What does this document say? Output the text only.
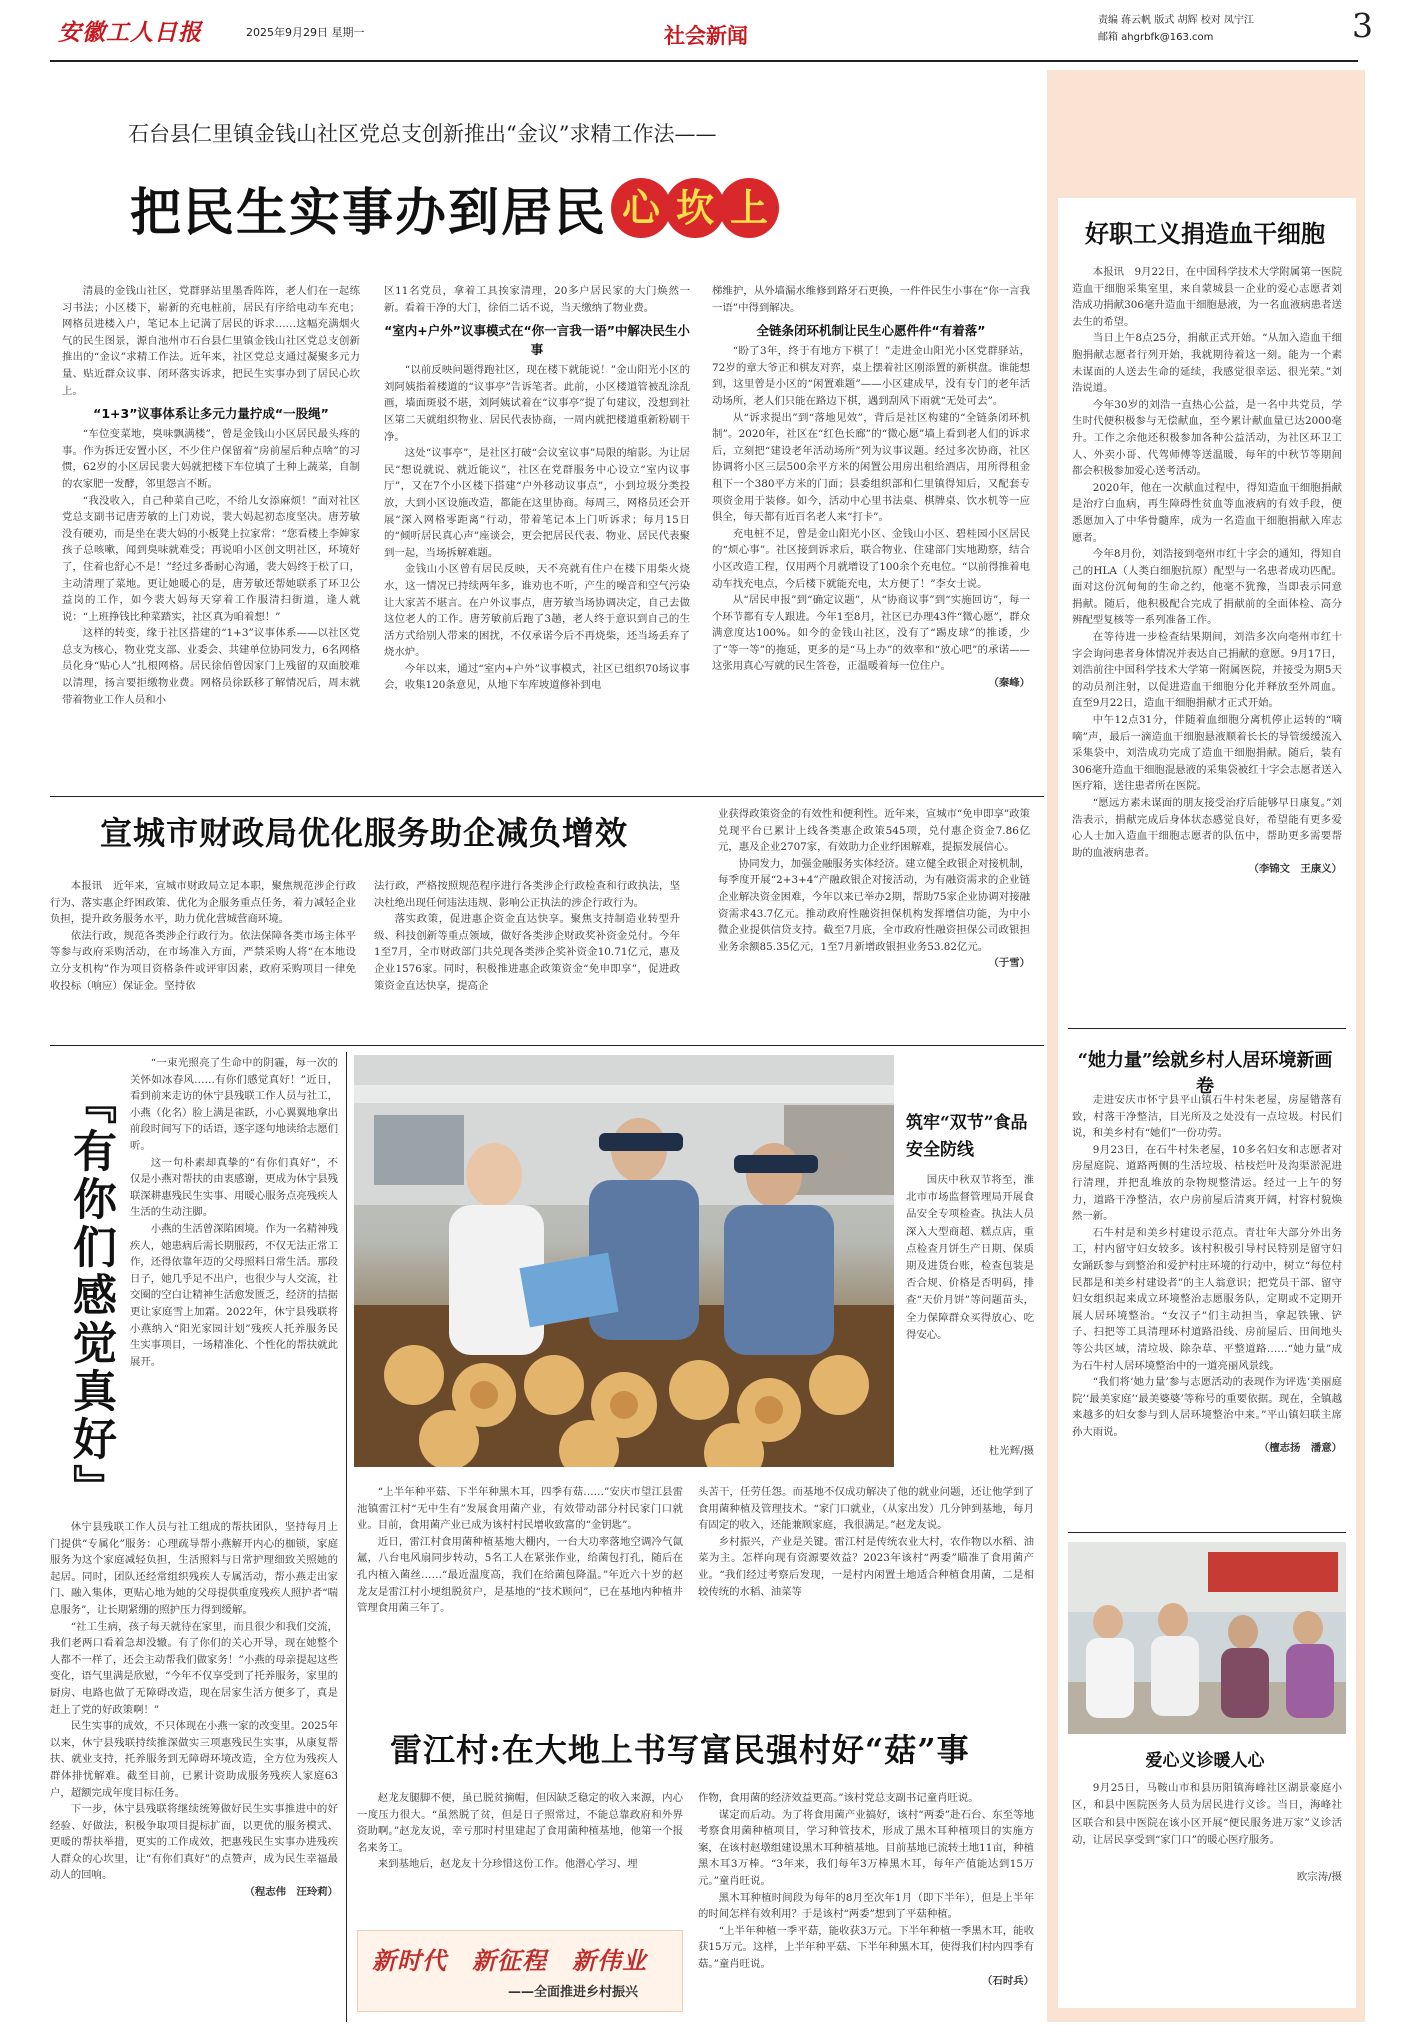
安徽工人日报	2025年9月29日 星期一	社会新闻
责编 蒋云帆 版式 胡辉 校对 凤宁江
邮箱 ahgrbfk@163.com	3
石台县仁里镇金钱山社区党总支创新推出“金议”求精工作法——
把民生实事办到居民 心 坎 上

清晨的金钱山社区，党群驿站里墨香阵阵，老人们在一起练习书法；小区楼下，崭新的充电桩前，居民有序给电动车充电；网格员进楼入户，笔记本上记满了居民的诉求……这幅充满烟火气的民生图景，源自池州市石台县仁里镇金钱山社区党总支创新推出的“金议”求精工作法。近年来，社区党总支通过凝聚多元力量、贴近群众议事、闭环落实诉求，把民生实事办到了居民心坎上。

“1+3”议事体系让多元力量拧成“一股绳”

“车位变菜地，臭味飘满楼”，曾是金钱山小区居民最头疼的事。作为拆迁安置小区，不少住户保留着“房前屋后种点啥”的习惯，62岁的小区居民裴大妈就把楼下车位填了土种上蔬菜，自制的农家肥一发酵，邻里怨言不断。

“我没收入，自己种菜自己吃，不给儿女添麻烦！”面对社区党总支副书记唐芳敏的上门劝说，裴大妈起初态度坚决。唐芳敏没有硬劝，而是坐在裴大妈的小板凳上拉家常：“您看楼上李婶家孩子总咳嗽，闻到臭味就难受；再说咱小区创文明社区，环境好了，住着也舒心不是！”经过多番耐心沟通，裴大妈终于松了口，主动清理了菜地。更让她暖心的是，唐芳敏还帮她联系了环卫公益岗的工作，如今裴大妈每天穿着工作服清扫街道，逢人就说：“上班挣钱比种菜踏实，社区真为咱着想！”

这样的转变，缘于社区搭建的“1+3”议事体系——以社区党总支为核心，物业党支部、业委会、共建单位协同发力，6名网格员化身“贴心人”扎根网格。居民徐佰曾因家门上残留的双面胶难以清理，扬言要拒缴物业费。网格员徐跃移了解情况后，周末就带着物业工作人员和小

区11名党员，拿着工具挨家清理，20多户居民家的大门焕然一新。看着干净的大门，徐佰二话不说，当天缴纳了物业费。

“室内+户外”议事模式在“你一言我一语”中解决民生小事

“以前反映问题得跑社区，现在楼下就能说！”金山阳光小区的刘阿姨指着楼道的“议事亭”告诉笔者。此前，小区楼道管被乱涂乱画，墙面斑驳不堪，刘阿姨试着在“议事亭”提了句建议，没想到社区第二天就组织物业、居民代表协商，一周内就把楼道重新粉刷干净。

这处“议事亭”，是社区打破“会议室议事”局限的缩影。为让居民“想说就说、就近能议”，社区在党群服务中心设立“室内议事厅”，又在7个小区楼下搭建“户外移动议事点”，小到垃圾分类投放，大到小区设施改造，都能在这里协商。每周三，网格员还会开展“深入网格零距离”行动，带着笔记本上门听诉求；每月15日的“倾听居民真心声”座谈会，更会把居民代表、物业、居民代表聚到一起，当场拆解难题。

金钱山小区曾有居民反映，天不亮就有住户在楼下用柴火烧水，这一情况已持续两年多，谁劝也不听，产生的噪音和空气污染让大家苦不堪言。在户外议事点，唐芳敏当场协调决定，自己去做这位老人的工作。唐芳敏前后跑了3趟，老人终于意识到自己的生活方式给别人带来的困扰，不仅承诺今后不再烧柴，还当场丢弃了烧水炉。

今年以来，通过“室内+户外”议事模式，社区已组织70场议事会，收集120条意见，从地下车库坡道修补到电

梯维护，从外墙漏水维修到路牙石更换，一件件民生小事在“你一言我一语”中得到解决。

全链条闭环机制让民生心愿件件“有着落”

“盼了3年，终于有地方下棋了！”走进金山阳光小区党群驿站，72岁的章大爷正和棋友对弈，桌上摆着社区刚添置的新棋盘。谁能想到，这里曾是小区的“闲置难题”——小区建成早，没有专门的老年活动场所，老人们只能在路边下棋，遇到刮风下雨就“无处可去”。

从“诉求提出”到“落地见效”，背后是社区构建的“全链条闭环机制”。2020年，社区在“红色长廊”的“微心愿”墙上看到老人们的诉求后，立刻把“建设老年活动场所”列为议事议题。经过多次协商，社区协调将小区三层500余平方米的闲置公用房出租给酒店，用所得租金租下一个380平方米的门面；县委组织部和仁里镇得知后，又配套专项资金用于装修。如今，活动中心里书法桌、棋牌桌、饮水机等一应俱全，每天都有近百名老人来“打卡”。

充电桩不足，曾是金山阳光小区、金钱山小区、碧桂园小区居民的“烦心事”。社区接到诉求后，联合物业、住建部门实地勘察，结合小区改造工程，仅用两个月就增设了100余个充电位。“以前得推着电动车找充电点，今后楼下就能充电，太方便了！”李女士说。

从“居民申报”到“确定议题”，从“协商议事”到“实施回访”，每一个环节都有专人跟进。今年1至8月，社区已办理43件“微心愿”，群众满意度达100%。如今的金钱山社区，没有了“踢皮球”的推诿，少了“等一等”的拖延，更多的是“马上办”的效率和“放心吧”的承诺——这张用真心写就的民生答卷，正温暖着每一位住户。

（秦峰）
宣城市财政局优化服务助企减负增效

本报讯　近年来，宣城市财政局立足本职，聚焦规范涉企行政行为、落实惠企纾困政策、优化为企服务重点任务，着力减轻企业负担，提升政务服务水平，助力优化营城营商环境。

依法行政，规范各类涉企行政行为。依法保障各类市场主体平等参与政府采购活动，在市场准入方面，严禁采购人将“在本地设立分支机构”作为项目资格条件或评审因素，政府采购项目一律免收投标（响应）保证金。坚持依

法行政，严格按照规范程序进行各类涉企行政检查和行政执法，坚决杜绝出现任何违法违规、影响公正执法的涉企行政行为。

落实政策，促进惠企资金直达快享。聚焦支持制造业转型升级、科技创新等重点领域，做好各类涉企财政奖补资金兑付。今年1至7月，全市财政部门共兑现各类涉企奖补资金10.71亿元，惠及企业1576家。同时，积极推进惠企政策资金“免申即享”，促进政策资金直达快享，提高企

业获得政策资金的有效性和便利性。近年来，宣城市“免申即享”政策兑现平台已累计上线各类惠企政策545项，兑付惠企资金7.86亿元，惠及企业2707家，有效助力企业纾困解难，提振发展信心。

协同发力，加强金融服务实体经济。建立健全政银企对接机制，每季度开展“2+3+4”产融政银企对接活动，为有融资需求的企业链企业解决资金困难，今年以来已举办2期，帮助75家企业协调对接融资需求43.7亿元。推动政府性融资担保机构发挥增信功能，为中小微企业提供信贷支持。截至7月底，全市政府性融资担保公司政银担业务余额85.35亿元，1至7月新增政银担业务53.82亿元。

（于雪）
『有你们感觉真好』

“一束光照亮了生命中的阴霾，每一次的关怀如冰春风……有你们感觉真好！”近日，看到前来走访的休宁县残联工作人员与社工，小燕（化名）脸上满是雀跃，小心翼翼地拿出前段时间写下的话语，逐字逐句地读给志愿们听。

这一句朴素却真挚的“有你们真好”，不仅是小燕对帮扶的由衷感谢，更成为休宁县残联深耕惠残民生实事、用暖心服务点亮残疾人生活的生动注脚。

小燕的生活曾深陷困境。作为一名精神残疾人，她患病后需长期服药，不仅无法正常工作，还得依靠年迈的父母照料日常生活。那段日子，她几乎足不出户，也很少与人交流，社交圈的空白让精神生活愈发匮乏，经济的拮据更让家庭雪上加霜。2022年，休宁县残联将小燕纳入“阳光家园计划”残疾人托养服务民生实事项目，一场精准化、个性化的帮扶就此展开。

休宁县残联工作人员与社工组成的帮扶团队，坚持每月上门提供“专属化”服务：心理疏导帮小燕解开内心的枷锁，家庭服务为这个家庭减轻负担，生活照料与日常护理细致关照她的起居。同时，团队还经常组织残疾人专属活动，帮小燕走出家门、融入集体，更贴心地为她的父母提供重度残疾人照护者“喘息服务”，让长期紧绷的照护压力得到缓解。

“社工生病，孩子每天就待在家里，而且很少和我们交流，我们老两口看着急却没辙。有了你们的关心开导，现在她整个人都不一样了，还会主动帮我们做家务！”小燕的母亲提起这些变化，语气里满是欣慰，“今年不仅享受到了托养服务，家里的厨房、电路也做了无障碍改造，现在居家生活方便多了，真是赶上了党的好政策啊！”

民生实事的成效，不只体现在小燕一家的改变里。2025年以来，休宁县残联持续推深做实三项惠残民生实事，从康复帮扶、就业支持，托养服务到无障碍环境改造，全方位为残疾人群体排忧解难。截至目前，已累计资助成服务残疾人家庭63户，超额完成年度目标任务。

下一步，休宁县残联将继续统筹做好民生实事推进中的好经验、好做法，积极争取项目提标扩面，以更优的服务模式、更暖的帮扶举措，更实的工作成效，把惠残民生实事办进残疾人群众的心坎里，让“有你们真好”的点赞声，成为民生幸福最动人的回响。

（程志伟　汪玲莉）
筑牢“双节”食品安全防线
国庆中秋双节将至，淮北市市场监督管理局开展食品安全专项检查。执法人员深入大型商超、糕点店，重点检查月饼生产日期、保质期及进货台账，检查包装是否合规、价格是否明码，排查“天价月饼”等问题苗头，全力保障群众买得放心、吃得安心。
杜光辉/摄

“上半年种平菇、下半年种黑木耳，四季有菇……”安庆市望江县雷池镇雷江村“无中生有”发展食用菌产业，有效带动部分村民家门口就业。目前，食用菌产业已成为该村村民增收致富的“金钥匙”。

近日，雷江村食用菌种植基地大棚内，一台大功率落地空调冷气氤氲，八台电风扇同步转动，5名工人在紧张作业，给菌包打孔，随后在孔内植入菌丝……“最近温度高，我们在给菌包降温。”年近六十岁的赵龙友是雷江村小埂组脱贫户，是基地的“技术顾问”，已在基地内种植井管理食用菌三年了。

头苦干，任劳任怨。而基地不仅成功解决了他的就业问题，还让他学到了食用菌种植及管理技术。“家门口就业，（从家出发）几分钟到基地，每月有固定的收入，还能兼顾家庭，我很满足。”赵龙友说。

乡村振兴，产业是关键。雷江村是传统农业大村，农作物以水稻、油菜为主。怎样向现有资源要效益？2023年该村“两委”瞄准了食用菌产业。“我们经过考察后发现，一是村内闲置土地适合种植食用菌，二是相较传统的水稻、油菜等

雷江村:在大地上书写富民强村好“菇”事

赵龙友腿脚不便，虽已脱贫摘帽，但因缺乏稳定的收入来源，内心一度压力很大。“虽然脱了贫，但是日子照常过，不能总靠政府和外界资助啊。”赵龙友说，幸亏那时村里建起了食用菌种植基地，他第一个报名来务工。

来到基地后，赵龙友十分珍惜这份工作。他潜心学习、埋

作物，食用菌的经济效益更高。”该村党总支副书记童肖旺说。

谋定而后动。为了将食用菌产业搞好，该村“两委”赴石台、东至等地考察食用菌种植项目，学习种管技术，形成了黑木耳种植项目的实施方案，在该村赵墩组建设黑木耳种植基地。目前基地已流转土地11亩，种植黑木耳3万棒。“3年来，我们每年3万棒黑木耳，每年产值能达到15万元。”童肖旺说。

黑木耳种植时间段为每年的8月至次年1月（即下半年），但是上半年的时间怎样有效利用？于是该村“两委”想到了平菇种植。

“上半年种植一季平菇，能收获3万元。下半年种植一季黑木耳，能收获15万元。这样，上半年种平菇、下半年种黑木耳，使得我们村内四季有菇。”童肖旺说。

（石时兵）
新时代　新征程　新伟业
——全面推进乡村振兴
好职工义捐造血干细胞

本报讯　9月22日，在中国科学技术大学附属第一医院造血干细胞采集室里，来自蒙城县一企业的爱心志愿者刘浩成功捐献306毫升造血干细胞悬液，为一名血液病患者送去生的希望。

当日上午8点25分，捐献正式开始。“从加入造血干细胞捐献志愿者行列开始，我就期待着这一刻。能为一个素未谋面的人送去生命的延续，我感觉很幸运、很光荣。”刘浩说道。

今年30岁的刘浩一直热心公益，是一名中共党员，学生时代便积极参与无偿献血，至今累计献血量已达2000毫升。工作之余他还积极参加各种公益活动，为社区环卫工人、外卖小哥、代驾师傅等送温暖，每年的中秋节等期间都会积极参加爱心送考活动。

2020年，他在一次献血过程中，得知造血干细胞捐献是治疗白血病，再生障碍性贫血等血液病的有效手段，便悉愿加入了中华骨髓库，成为一名造血干细胞捐献入库志愿者。

今年8月份，刘浩接到亳州市红十字会的通知，得知自己的HLA（人类白细胞抗原）配型与一名患者成功匹配。面对这份沉甸甸的生命之约，他毫不犹豫，当即表示同意捐献。随后，他积极配合完成了捐献前的全面体检、高分辨配型复核等一系列准备工作。

在等待进一步检查结果期间，刘浩多次向亳州市红十字会询问患者身体情况并表达自己捐献的意愿。9月17日，刘浩前往中国科学技术大学第一附属医院，并接受为期5天的动员剂注射，以促进造血干细胞分化并释放至外周血。直至9月22日，造血干细胞捐献才正式开始。

中午12点31分，伴随着血细胞分离机停止运转的“嘀嘀”声，最后一滴造血干细胞悬液顺着长长的导管缓缓流入采集袋中，刘浩成功完成了造血干细胞捐献。随后，装有306毫升造血干细胞混悬液的采集袋被红十字会志愿者送入医疗箱，送往患者所在医院。

“愿远方素未谋面的朋友接受治疗后能够早日康复。”刘浩表示，捐献完成后身体状态感觉良好，希望能有更多爱心人士加入造血干细胞志愿者的队伍中，帮助更多需要帮助的血液病患者。

（李锦文　王康义）
“她力量”绘就乡村人居环境新画卷

走进安庆市怀宁县平山镇石牛村朱老屋，房屋错落有致，村落干净整洁，目光所及之处没有一点垃圾。村民们说，和美乡村有“她们”一份功劳。

9月23日，在石牛村朱老屋，10多名妇女和志愿者对房屋庭院、道路两侧的生活垃圾、枯枝烂叶及沟渠淤泥进行清理，并把乱堆放的杂物规整清运。经过一上午的努力，道路干净整洁，农户房前屋后清爽开阔，村容村貌焕然一新。

石牛村是和美乡村建设示范点。青壮年大部分外出务工，村内留守妇女较多。该村积极引导村民特别是留守妇女踊跃参与到整治和爱护村庄环境的行动中，树立“每位村民都是和美乡村建设者”的主人翁意识；把党员干部、留守妇女组织起来成立环境整治志愿服务队，定期或不定期开展人居环境整治。“女汉子”们主动担当，拿起铁锹、铲子、扫把等工具清理环村道路沿线、房前屋后、田间地头等公共区域，清垃圾、除杂草、平整道路……“她力量”成为石牛村人居环境整治中的一道亮丽风景线。

“我们将‘她力量’参与志愿活动的表现作为评选‘美丽庭院’‘最美家庭’‘最美婆婆’等称号的重要依据。现在，全镇越来越多的妇女参与到人居环境整治中来。”平山镇妇联主席孙大雨说。

（檀志扬　潘意）
爱心义诊暖人心
9月25日，马鞍山市和县历阳镇海峰社区湖景豪庭小区，和县中医院医务人员为居民进行义诊。当日，海峰社区联合和县中医院在该小区开展“便民服务进万家”义诊活动，让居民享受到“家门口”的暖心医疗服务。
欧宗涛/摄
